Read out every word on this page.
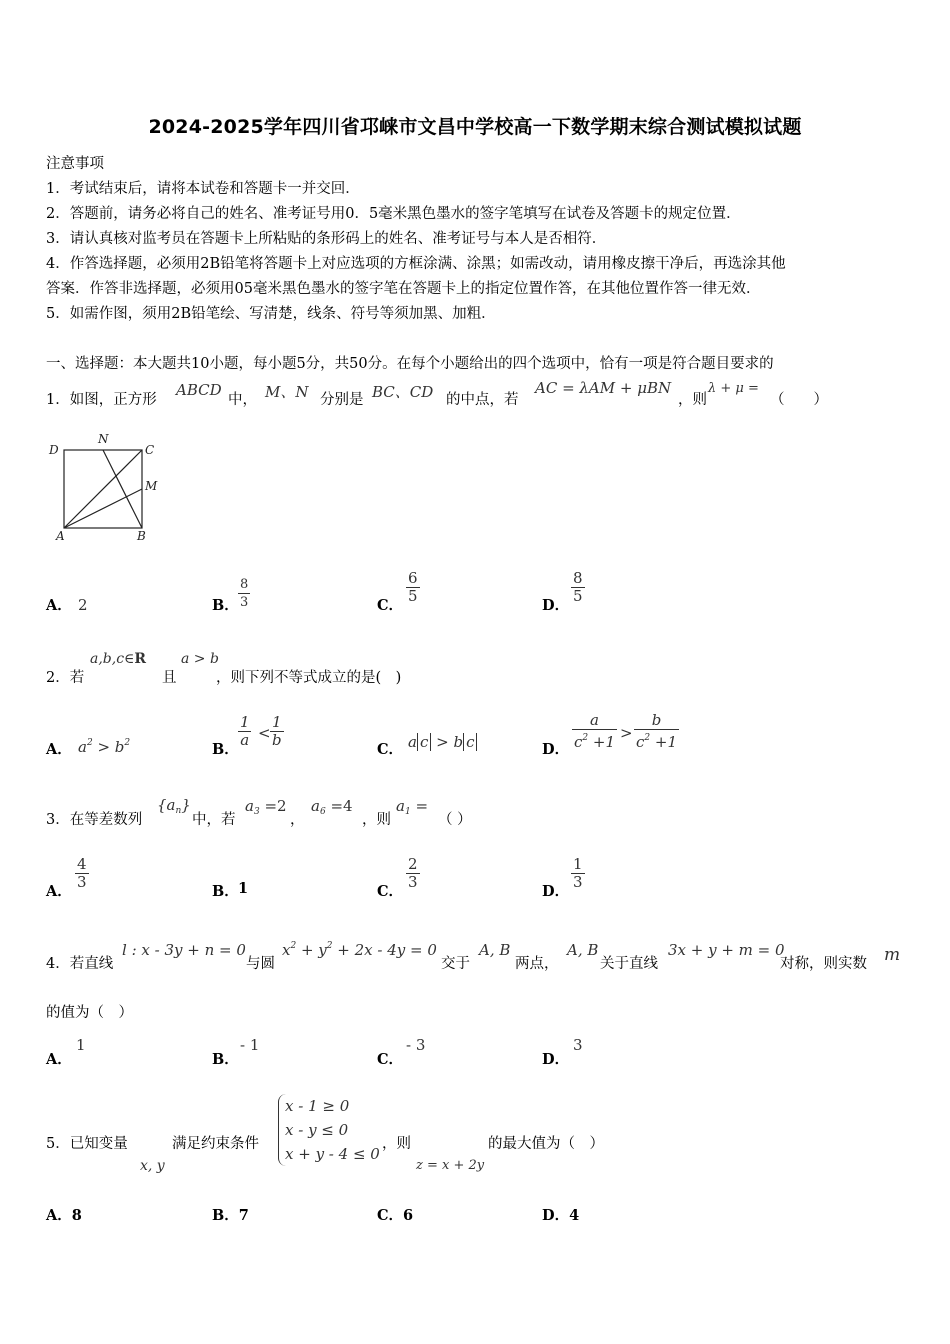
2024-2025学年四川省邛崃市文昌中学校高一下数学期末综合测试模拟试题
注意事项
1．考试结束后，请将本试卷和答题卡一并交回．
2．答题前，请务必将自己的姓名、准考证号用0．5毫米黑色墨水的签字笔填写在试卷及答题卡的规定位置．
3．请认真核对监考员在答题卡上所粘贴的条形码上的姓名、准考证号与本人是否相符．
4．作答选择题，必须用2B铅笔将答题卡上对应选项的方框涂满、涂黑；如需改动，请用橡皮擦干净后，再选涂其他
答案．作答非选择题，必须用05毫米黑色墨水的签字笔在答题卡上的指定位置作答，在其他位置作答一律无效．
5．如需作图，须用2B铅笔绘、写清楚，线条、符号等须加黑、加粗．
一、选择题：本大题共10小题，每小题5分，共50分。在每个小题给出的四个选项中，恰有一项是符合题目要求的
1．如图，正方形
ABCD
中， M、N 分别是 BC、CD 的中点，若
AC = λAM + μBN
，则
λ + μ =
（　　）
D
N
C
M
A	B
A． 2	B． $\frac{8}{3}$	C．
$\frac{6}{5}$
D．
$\frac{8}{5}$
2．若
a,b,c∈R
且
a > b
，则下列不等式成立的是(　)
A． $a^2 > b^2$	B．
$\frac{1}{a} < \frac{1}{b}$
C． a c > b c	D． $\frac{a}{c^2 +1} > \frac{b}{c^2 +1}$
3．在等差数列
$\{a_n\}$
中，若
$a_3 =2$
，
$a_6 =4$
，则
$a_1$ =
（ ）
A．
$\frac{4}{3}$
B． 1	C．
$\frac{2}{3}$
D．
$\frac{1}{3}$
4．若直线
l : x - 3y + n = 0
与圆
$x^2 + y^2 + 2x - 4y = 0$
交于
A, B
两点，
A, B
关于直线
3x + y + m = 0
对称，则实数 m
的值为（　）
A．
1
B．
- 1
C．
- 3
D．
3
5．已知变量
x, y
满足约束条件
x - 1 ≥ 0
x - y ≤ 0
x + y - 4 ≤ 0
，则
z = x + 2y
的最大值为（　）
A．8	B．7	C．6	D．4
